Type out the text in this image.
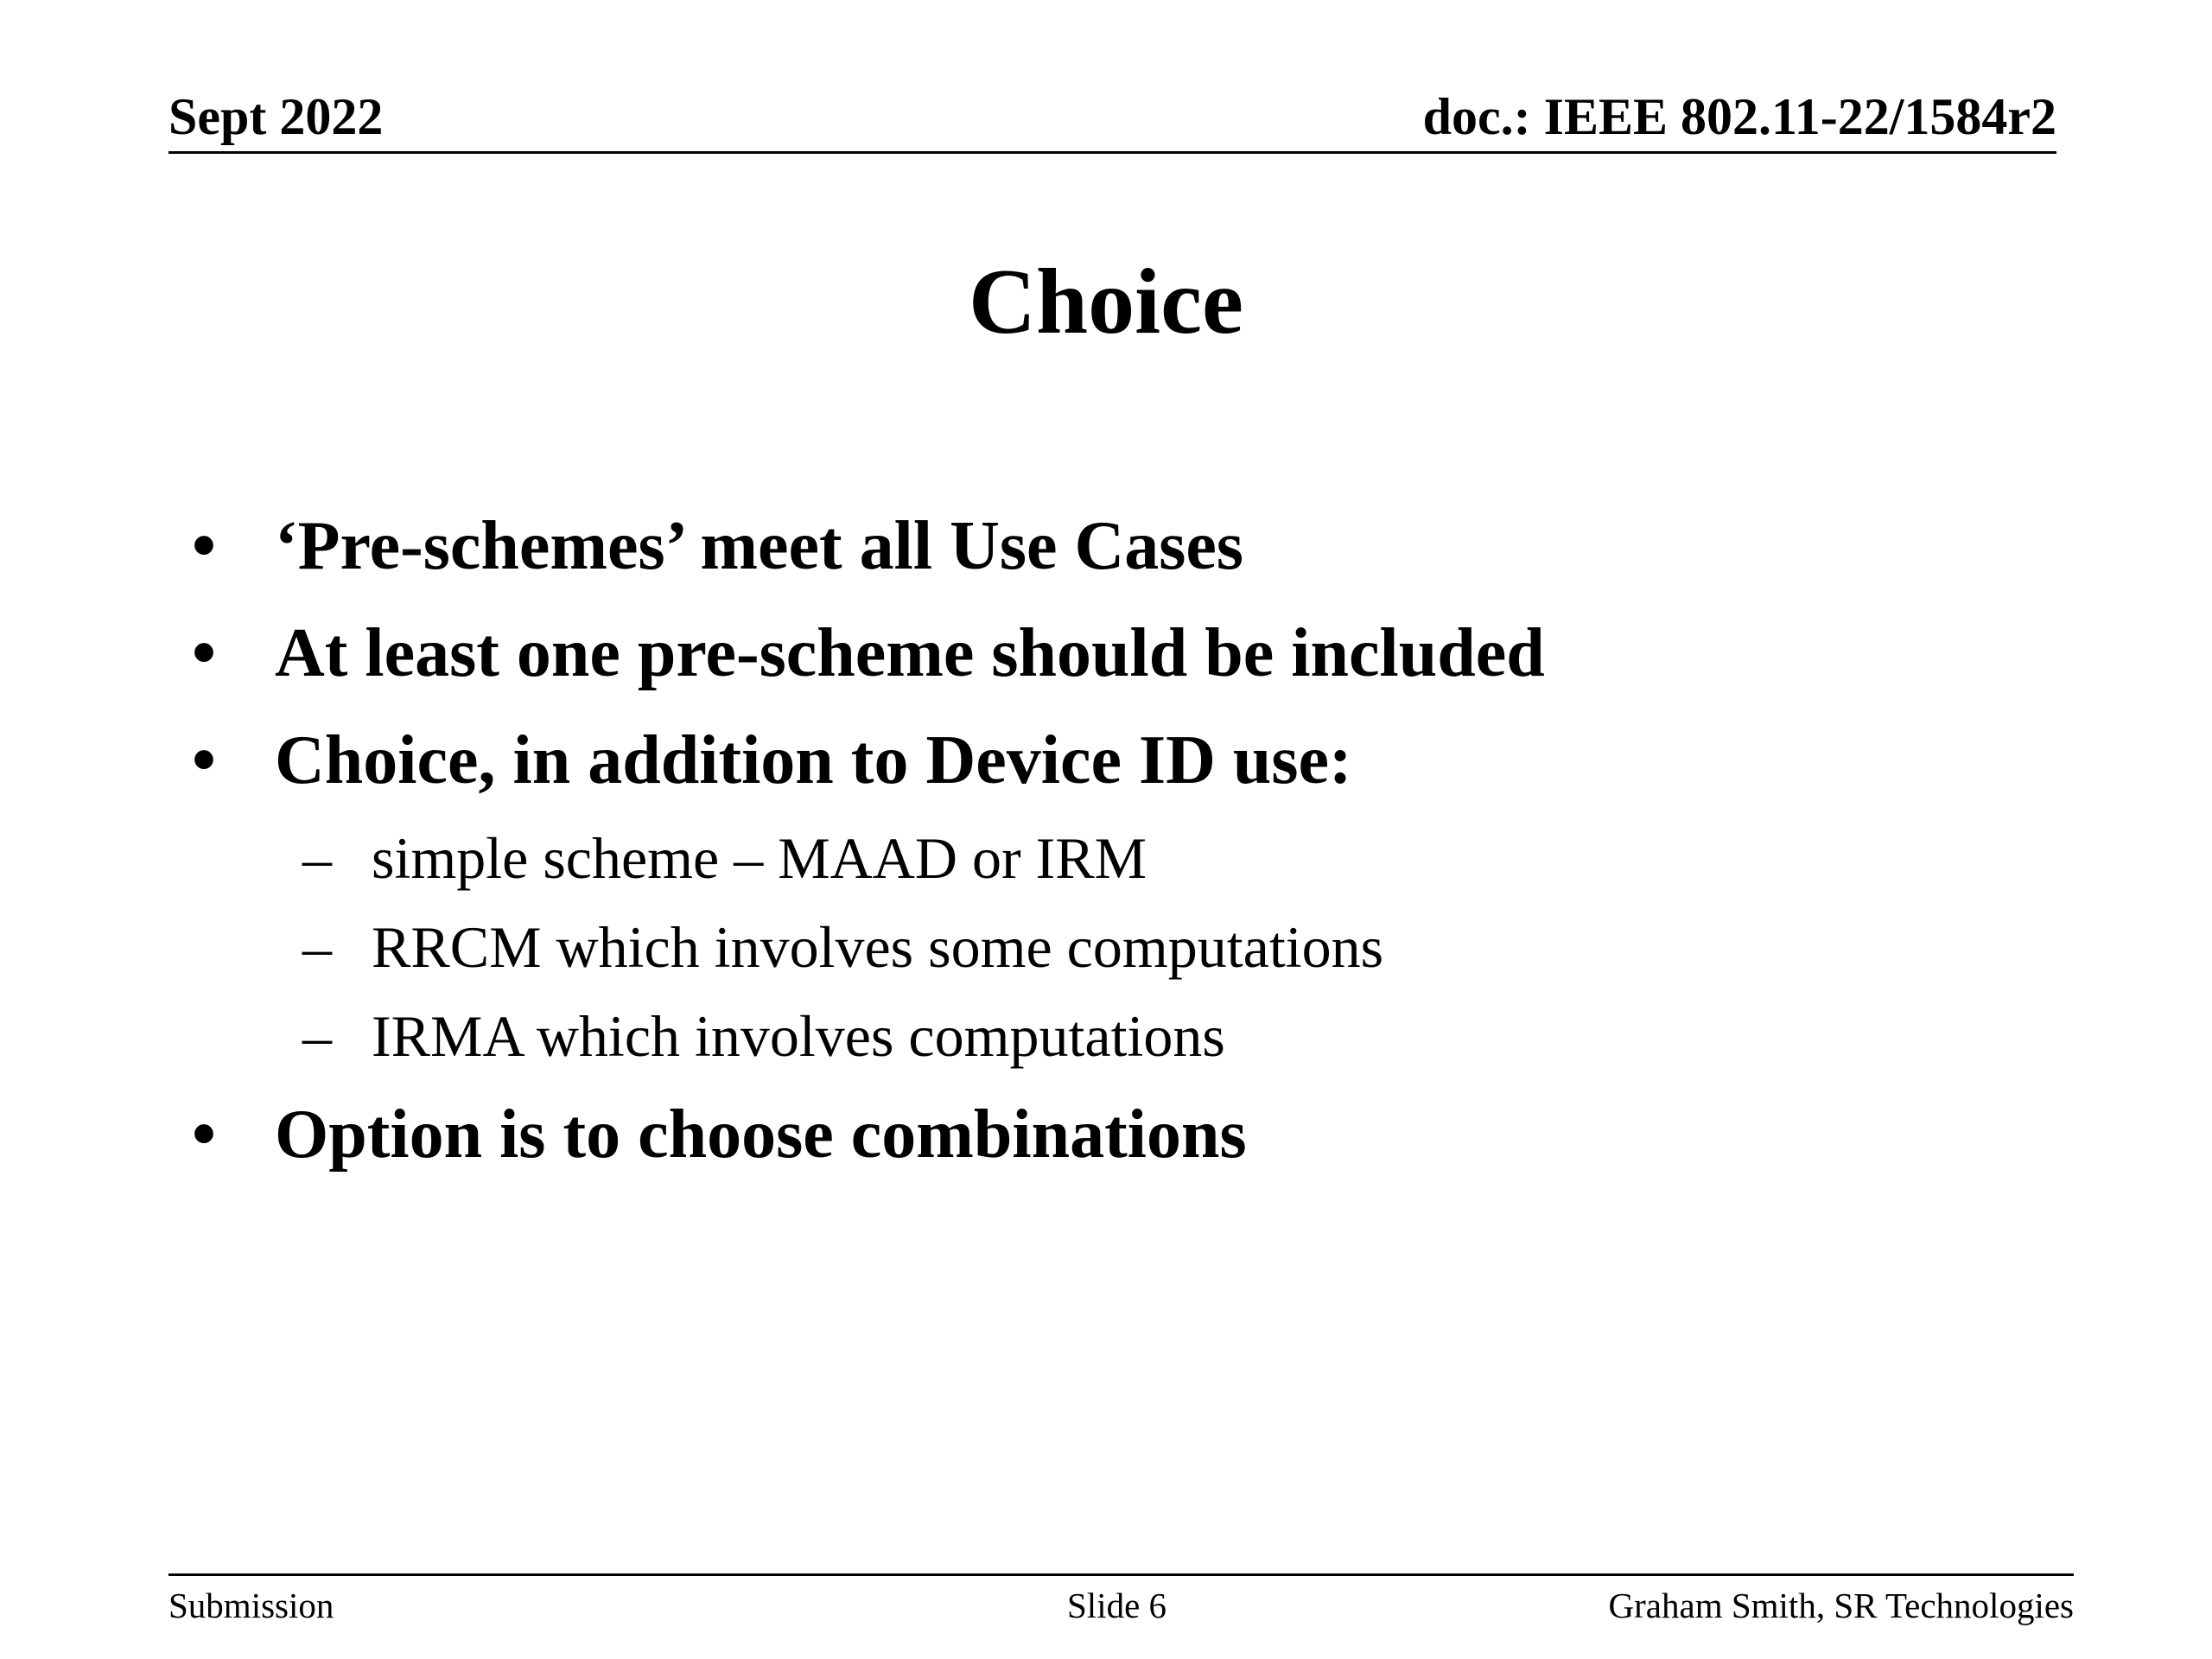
Sept 2022	doc.: IEEE 802.11-22/1584r2
Choice
• ‘Pre-schemes’ meet all Use Cases
• At least one pre-scheme should be included
• Choice, in addition to Device ID use:
– simple scheme – MAAD or IRM
– RRCM which involves some computations
– IRMA which involves computations
• Option is to choose combinations
Submission	Slide 6	Graham Smith, SR Technologies
